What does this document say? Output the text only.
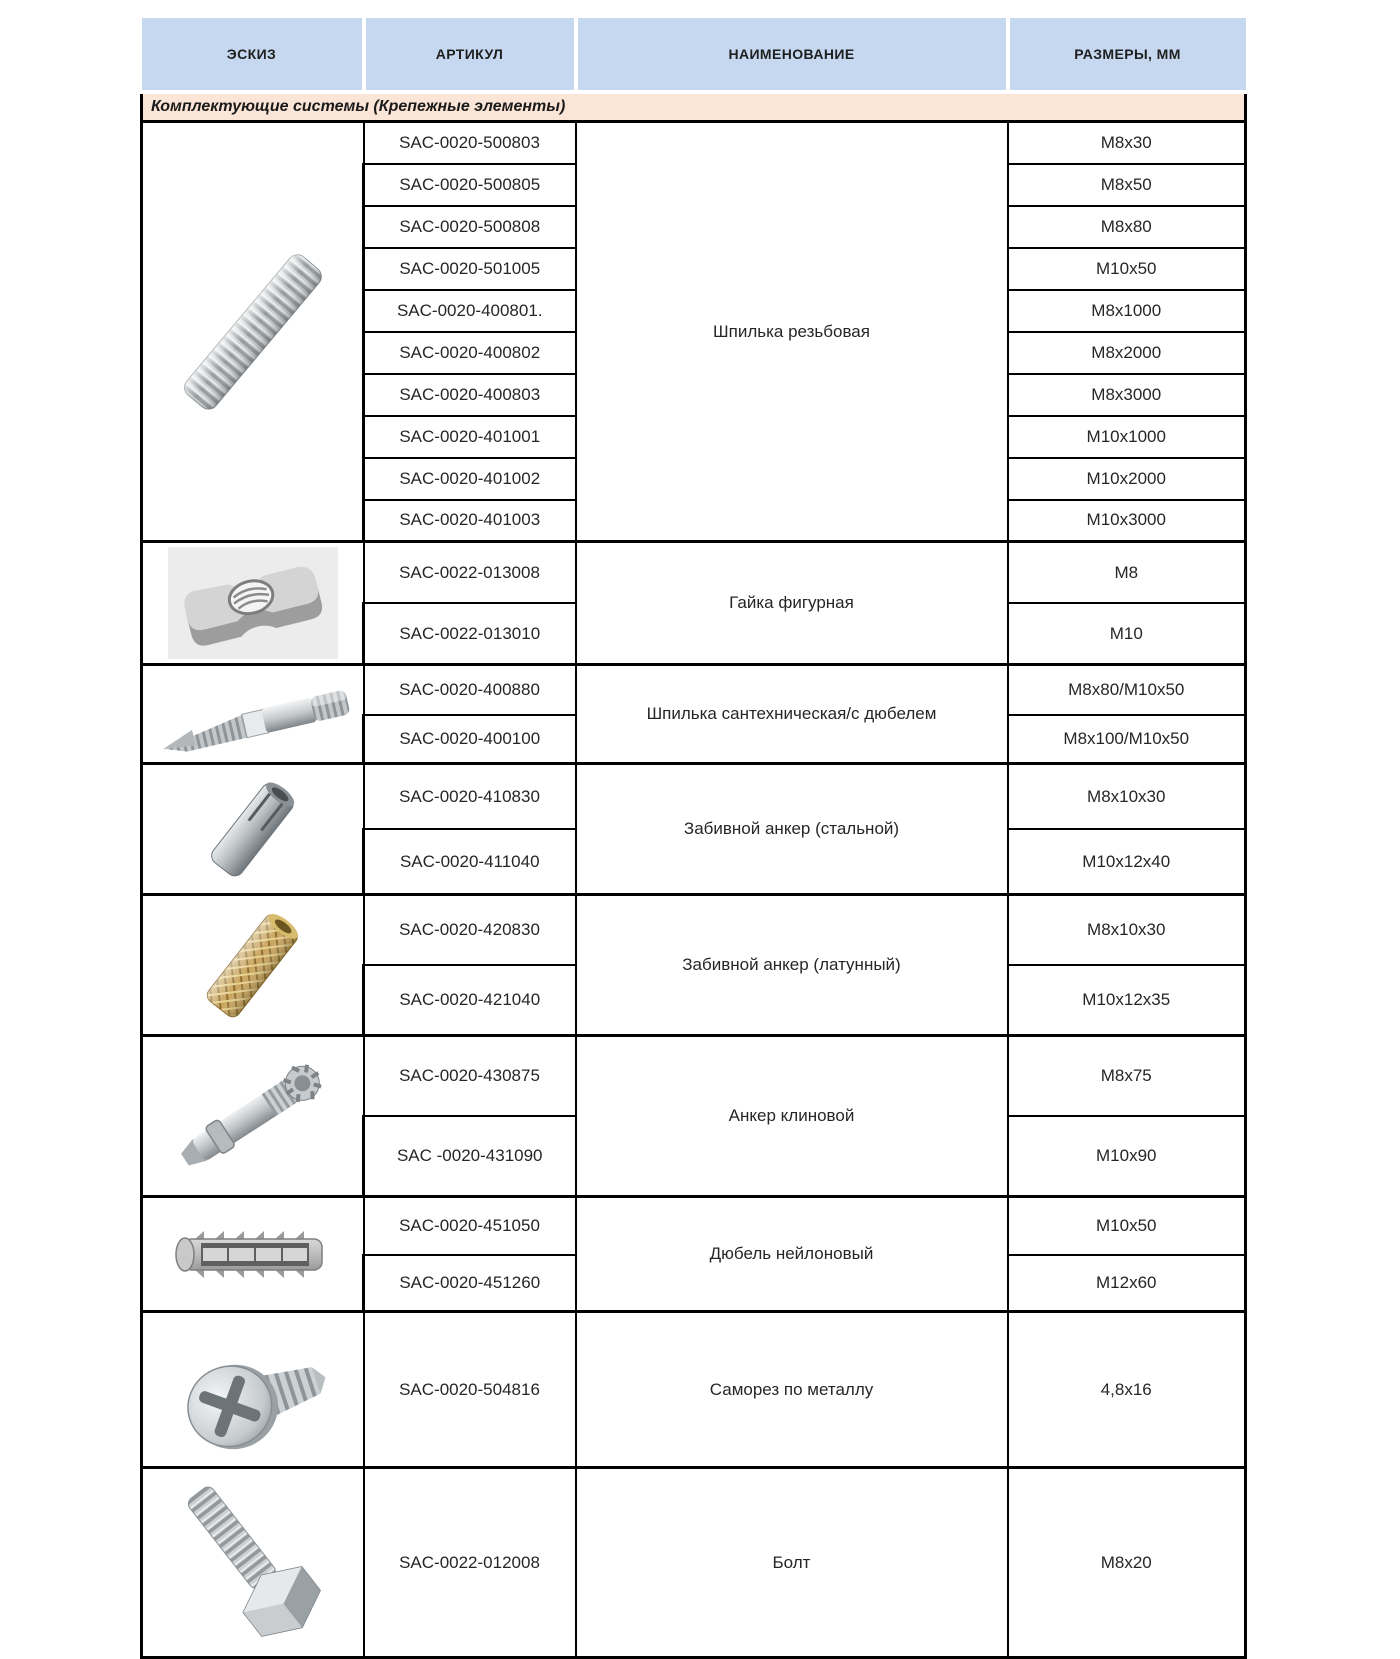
ЭСКИЗ	АРТИКУЛ	НАИМЕНОВАНИЕ	РАЗМЕРЫ, ММ
Комплектующие системы (Крепежные элементы)			

	SAC-0020-500803	Шпилька резьбовая	M8x30
	SAC-0020-500805		M8x50
	SAC-0020-500808		M8x80
	SAC-0020-501005		M10x50
	SAC-0020-400801.		M8x1000
	SAC-0020-400802		M8x2000
	SAC-0020-400803		M8x3000
	SAC-0020-401001		M10x1000
	SAC-0020-401002		M10x2000
	SAC-0020-401003		M10x3000

	SAC-0022-013008	Гайка фигурная	M8
	SAC-0022-013010		M10

	SAC-0020-400880	Шпилька сантехническая/с дюбелем	M8x80/M10x50
	SAC-0020-400100		M8x100/M10x50

	SAC-0020-410830	Забивной анкер (стальной)	M8x10x30
	SAC-0020-411040		M10x12x40

	SAC-0020-420830	Забивной анкер (латунный)	M8x10x30
	SAC-0020-421040		M10x12x35

	SAC-0020-430875	Анкер клиновой	M8x75
	SAC -0020-431090		M10x90

	SAC-0020-451050	Дюбель нейлоновый	M10x50
	SAC-0020-451260		M12x60

	SAC-0020-504816	Саморез по металлу	4,8x16

	SAC-0022-012008	Болт	M8x20
